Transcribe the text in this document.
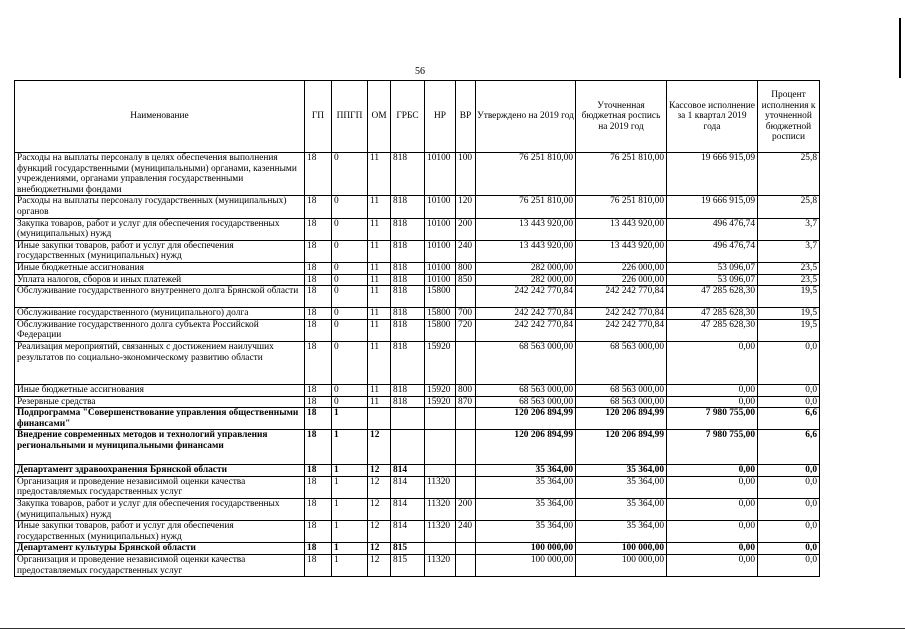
56
Наименование	ГП	ППГП	ОМ	ГРБС	НР	ВР	Утверждено на 2019 год	Уточненная бюджетная роспись на 2019 год	Кассовое исполнение за 1 квартал 2019 года	Процент исполнения к уточненной бюджетной росписи
Расходы на выплаты персоналу в целях обеспечения выполнения функций государственными (муниципальными) органами, казенными учреждениями, органами управления государственными внебюджетными фондами	18	0	11	818	10100	100	76 251 810,00	76 251 810,00	19 666 915,09	25,8
Расходы на выплаты персоналу государственных (муниципальных) органов	18	0	11	818	10100	120	76 251 810,00	76 251 810,00	19 666 915,09	25,8
Закупка товаров, работ и услуг для обеспечения государственных (муниципальных) нужд	18	0	11	818	10100	200	13 443 920,00	13 443 920,00	496 476,74	3,7
Иные закупки товаров, работ и услуг для обеспечения государственных (муниципальных) нужд	18	0	11	818	10100	240	13 443 920,00	13 443 920,00	496 476,74	3,7
Иные бюджетные ассигнования	18	0	11	818	10100	800	282 000,00	226 000,00	53 096,07	23,5
Уплата налогов, сборов и иных платежей	18	0	11	818	10100	850	282 000,00	226 000,00	53 096,07	23,5
Обслуживание государственного внутреннего долга Брянской области	18	0	11	818	15800		242 242 770,84	242 242 770,84	47 285 628,30	19,5
Обслуживание государственного (муниципального) долга	18	0	11	818	15800	700	242 242 770,84	242 242 770,84	47 285 628,30	19,5
Обслуживание государственного долга субъекта Российской Федерации	18	0	11	818	15800	720	242 242 770,84	242 242 770,84	47 285 628,30	19,5
Реализация мероприятий, связанных с достижением наилучших результатов по социально-экономическому развитию области	18	0	11	818	15920		68 563 000,00	68 563 000,00	0,00	0,0
Иные бюджетные ассигнования	18	0	11	818	15920	800	68 563 000,00	68 563 000,00	0,00	0,0
Резервные средства	18	0	11	818	15920	870	68 563 000,00	68 563 000,00	0,00	0,0
Подпрограмма "Совершенствование управления общественными финансами"	18	1					120 206 894,99	120 206 894,99	7 980 755,00	6,6
Внедрение современных методов и технологий управления региональными и муниципальными финансами	18	1	12				120 206 894,99	120 206 894,99	7 980 755,00	6,6
Департамент здравоохранения Брянской области	18	1	12	814			35 364,00	35 364,00	0,00	0,0
Организация и проведение независимой оценки качества предоставляемых государственных услуг	18	1	12	814	11320		35 364,00	35 364,00	0,00	0,0
Закупка товаров, работ и услуг для обеспечения государственных (муниципальных) нужд	18	1	12	814	11320	200	35 364,00	35 364,00	0,00	0,0
Иные закупки товаров, работ и услуг для обеспечения государственных (муниципальных) нужд	18	1	12	814	11320	240	35 364,00	35 364,00	0,00	0,0
Департамент культуры Брянской области	18	1	12	815			100 000,00	100 000,00	0,00	0,0
Организация и проведение независимой оценки качества предоставляемых государственных услуг	18	1	12	815	11320		100 000,00	100 000,00	0,00	0,0
